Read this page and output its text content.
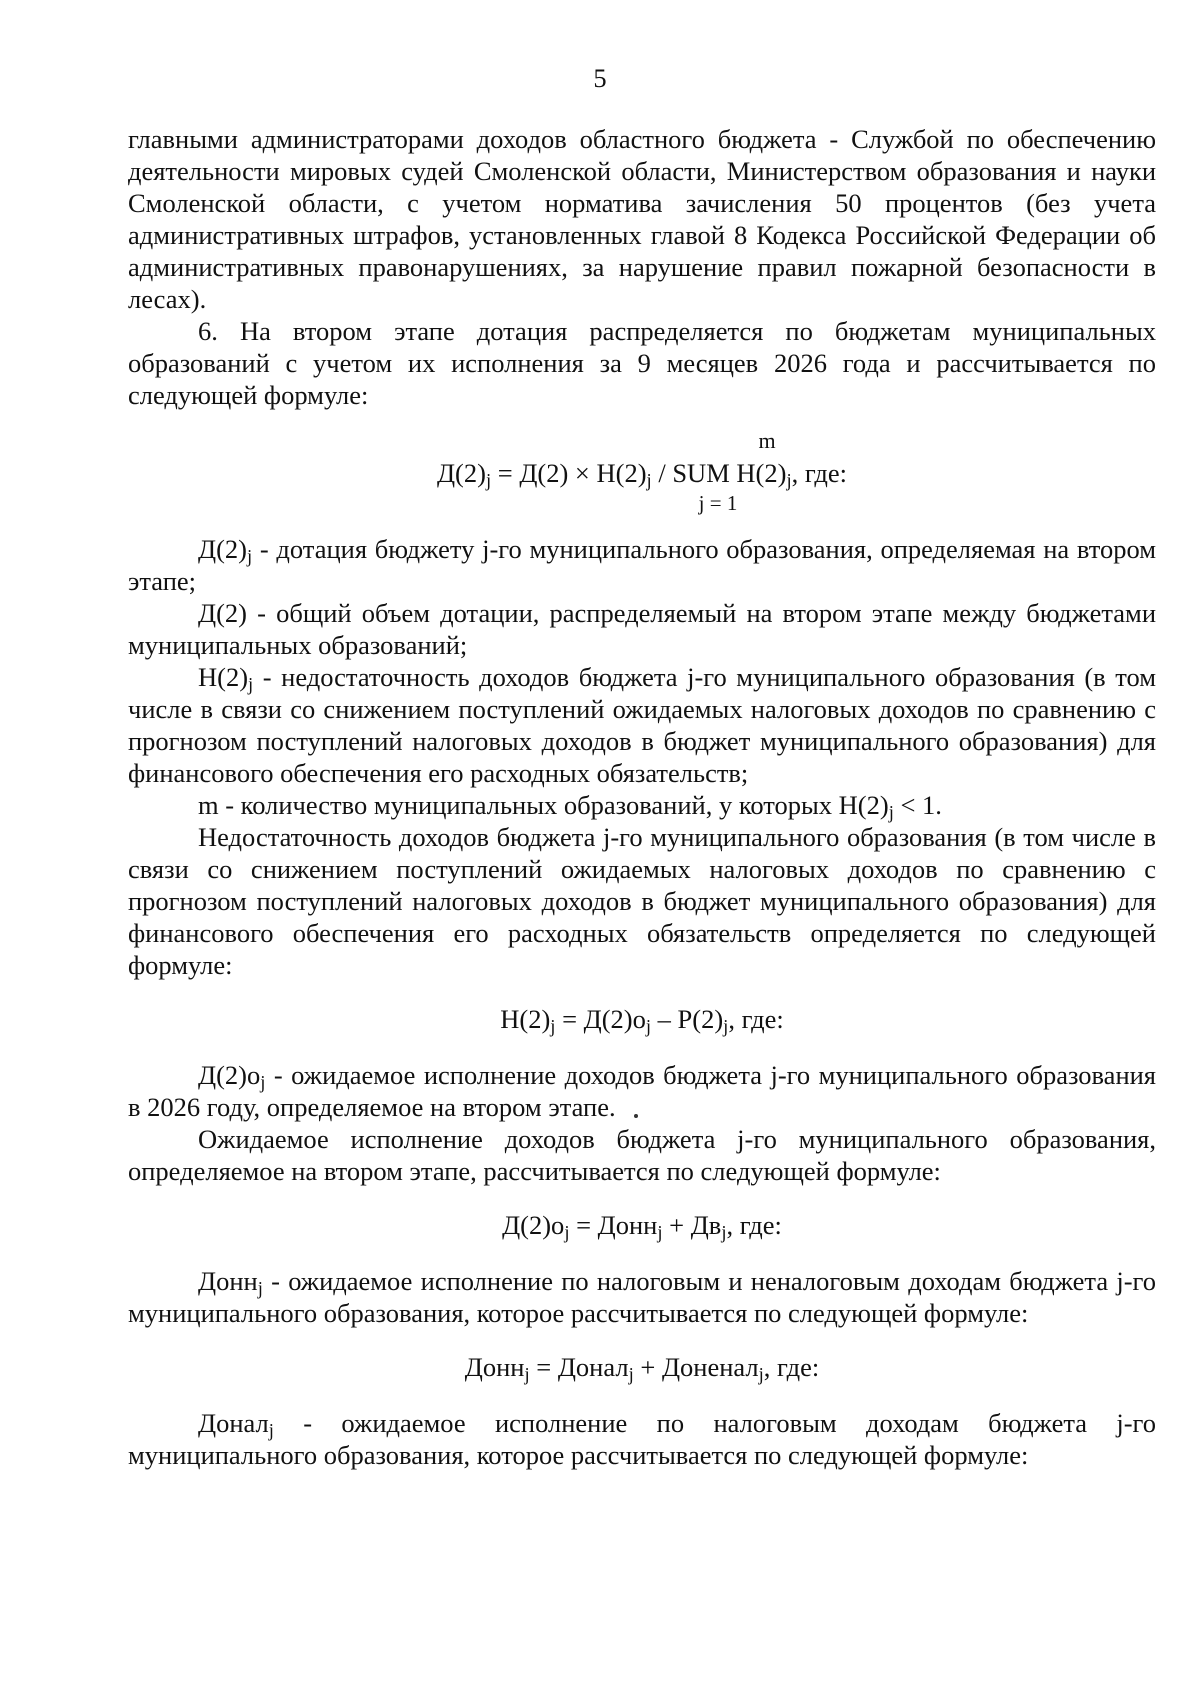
5

главными администраторами доходов областного бюджета - Службой по обеспечению деятельности мировых судей Смоленской области, Министерством образования и науки Смоленской области, с учетом норматива зачисления 50 процентов (без учета административных штрафов, установленных главой 8 Кодекса Российской Федерации об административных правонарушениях, за нарушение правил пожарной безопасности в лесах).

6. На втором этапе дотация распределяется по бюджетам муниципальных образований с учетом их исполнения за 9 месяцев 2026 года и рассчитывается по следующей формуле:

m
$Д(2)_j = Д(2) \times Н(2)_j$ / SUM $Н(2)_j$, где:
j = 1

$Д(2)_j$ - дотация бюджету j-го муниципального образования, определяемая на втором этапе;

Д(2) - общий объем дотации, распределяемый на втором этапе между бюджетами муниципальных образований;

$Н(2)_j$ - недостаточность доходов бюджета j-го муниципального образования (в том числе в связи со снижением поступлений ожидаемых налоговых доходов по сравнению с прогнозом поступлений налоговых доходов в бюджет муниципального образования) для финансового обеспечения его расходных обязательств;

m - количество муниципальных образований, у которых $Н(2)_j < 1$.

Недостаточность доходов бюджета j-го муниципального образования (в том числе в связи со снижением поступлений ожидаемых налоговых доходов по сравнению с прогнозом поступлений налоговых доходов в бюджет муниципального образования) для финансового обеспечения его расходных обязательств определяется по следующей формуле:

$Н(2)_j = Д(2)о_j - Р(2)_j$, где:

$Д(2)о_j$ - ожидаемое исполнение доходов бюджета j-го муниципального образования в 2026 году, определяемое на втором этапе.

Ожидаемое исполнение доходов бюджета j-го муниципального образования, определяемое на втором этапе, рассчитывается по следующей формуле:

$Д(2)о_j$ = Донн$_j$ + $Дв_j$, где:

Донн$_j$ - ожидаемое исполнение по налоговым и неналоговым доходам бюджета j-го муниципального образования, которое рассчитывается по следующей формуле:

Донн$_j$ = Донал$_j$ + Доненал$_j$, где:

Донал$_j$ - ожидаемое исполнение по налоговым доходам бюджета j-го муниципального образования, которое рассчитывается по следующей формуле:
